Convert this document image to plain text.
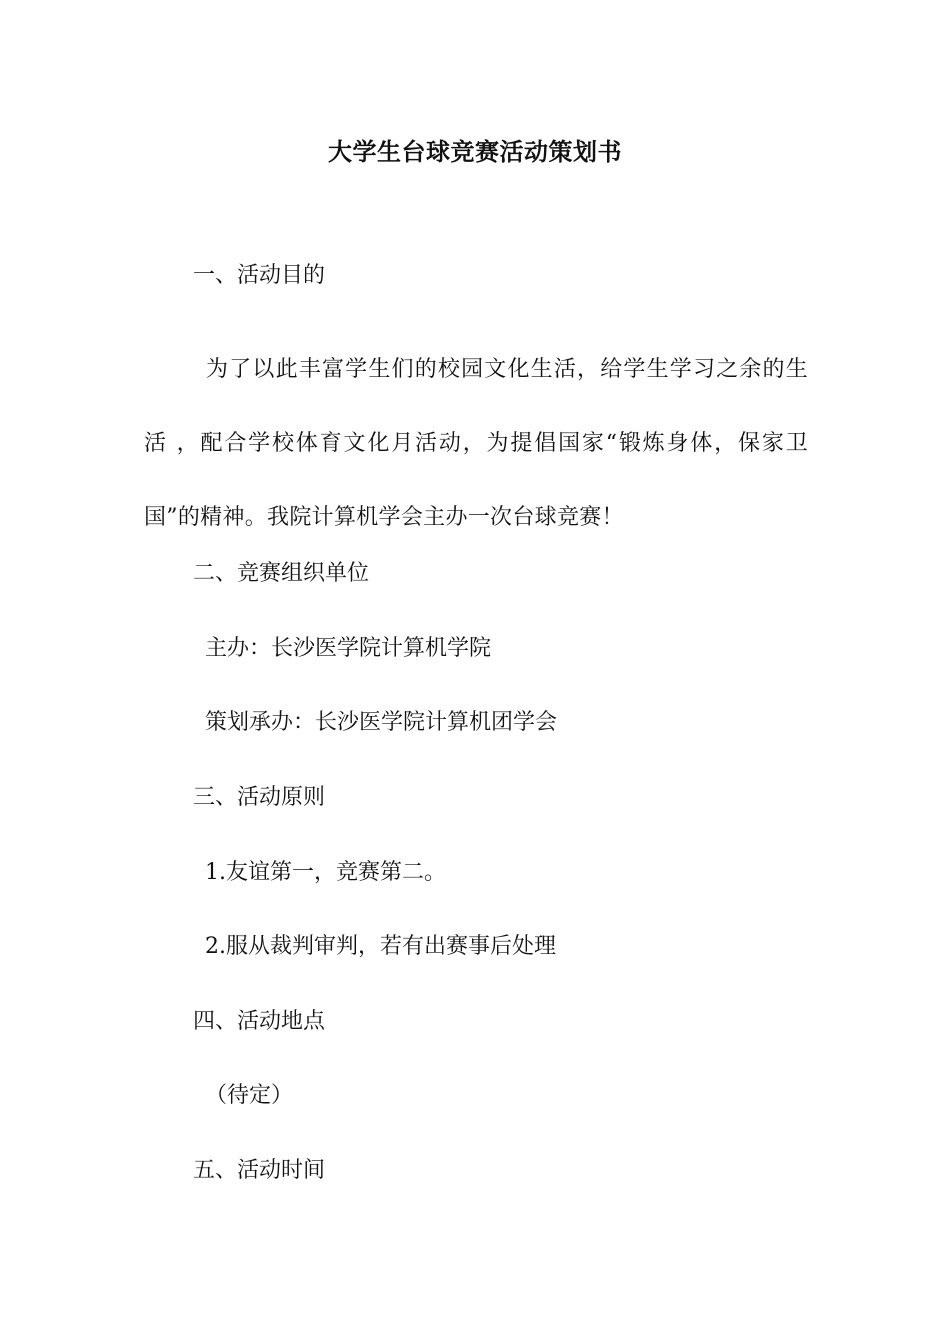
大学生台球竞赛活动策划书
一、活动目的
为了以此丰富学生们的校园文化生活，给学生学习之余的生活 ，配合学校体育文化月活动，为提倡国家“锻炼身体，保家卫国”的精神。我院计算机学会主办一次台球竞赛！
二、竞赛组织单位
主办：长沙医学院计算机学院
策划承办：长沙医学院计算机团学会
三、活动原则
1.友谊第一，竞赛第二。
2.服从裁判审判，若有出赛事后处理
四、活动地点
（待定）
五、活动时间
